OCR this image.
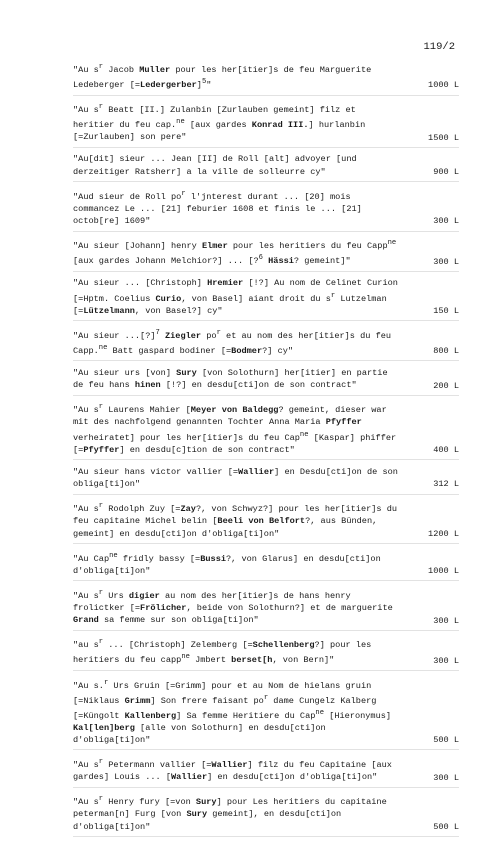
119/2
"Au $s^r$ Jacob Muller pour les her[itier]s de feu Marguerite Ledeberger [=Ledergerber]$^5$"	1000 L
"Au $s^r$ Beatt [II.] Zulanbin [Zurlauben gemeint] filz et heritier du feu cap.$^{ne}$ [aux gardes Konrad III.] hurlanbin [=Zurlauben] son pere"	1500 L
"Au[dit] sieur ... Jean [II] de Roll [alt] advoyer [und derzeitiger Ratsherr] a la ville de solleurre cy"	900 L
"Aud sieur de Roll $po^r$ l'jnterest durant ... [20] mois commancez Le ... [21] feburier 1608 et finis le ... [21] octob[re] 1609"	300 L
"Au sieur [Johann] henry Elmer pour les heritiers du feu Capp$^{ne}$ [aux gardes Johann Melchior?] ... [?$^6$ Hässi? gemeint]"	300 L
"Au sieur ... [Christoph] Hremier [!?] Au nom de Celinet Curion [=Hptm. Coelius Curio, von Basel] aiant droit du $s^r$ Lutzelman [=Lützelmann, von Basel?] cy"	150 L
"Au sieur ...[?]$^7$ Ziegler $po^r$ et au nom des her[itier]s du feu Capp.$^{ne}$ Batt gaspard bodiner [=Bodmer?] cy"	800 L
"Au sieur urs [von] Sury [von Solothurn] her[itier] en partie de feu hans hinen [!?] en desdu[cti]on de son contract"	200 L
"Au $s^r$ Laurens Mahier [Meyer von Baldegg? gemeint, dieser war mit des nachfolgend genannten Tochter Anna Maria Pfyffer verheiratet] pour les her[itier]s du feu Cap$^{ne}$ [Kaspar] phiffer [=Pfyffer] en desdu[c]tion de son contract"	400 L
"Au sieur hans victor vallier [=Wallier] en Desdu[cti]on de son obliga[ti]on"	312 L
"Au $s^r$ Rodolph Zuy [=Zay?, von Schwyz?] pour les her[itier]s du feu capitaine Michel belin [Beeli von Belfort?, aus Bünden, gemeint] en desdu[cti]on d'obliga[ti]on"	1200 L
"Au Cap$^{ne}$ fridly bassy [=Bussi?, von Glarus] en desdu[cti]on d'obliga[ti]on"	1000 L
"Au $s^r$ Urs digier au nom des her[itier]s de hans henry frolictker [=Frölicher, beide von Solothurn?] et de marguerite Grand sa femme sur son obliga[ti]on"	300 L
"au $s^r$ ... [Christoph] Zelemberg [=Schellenberg?] pour les heritiers du feu capp$^{ne}$ Jmbert berset[h, von Bern]"	300 L
"Au s.$^r$ Urs Gruin [=Grimm] pour et au Nom de hielans gruin [=Niklaus Grimm] Son frere faisant $po^r$ dame Cungelz Kalberg [=Küngolt Kallenberg] Sa femme Heritiere du Cap$^{ne}$ [Hieronymus] Kal[len]berg [alle von Solothurn] en desdu[cti]on d'obliga[ti]on"	500 L
"Au $s^r$ Petermann vallier [=Wallier] filz du feu Capitaine [aux gardes] Louis ... [Wallier] en desdu[cti]on d'obliga[ti]on"	300 L
"Au $s^r$ Henry fury [=von Sury] pour Les heritiers du capitaine peterman[n] Furg [von Sury gemeint], en desdu[cti]on d'obliga[ti]on"	500 L
